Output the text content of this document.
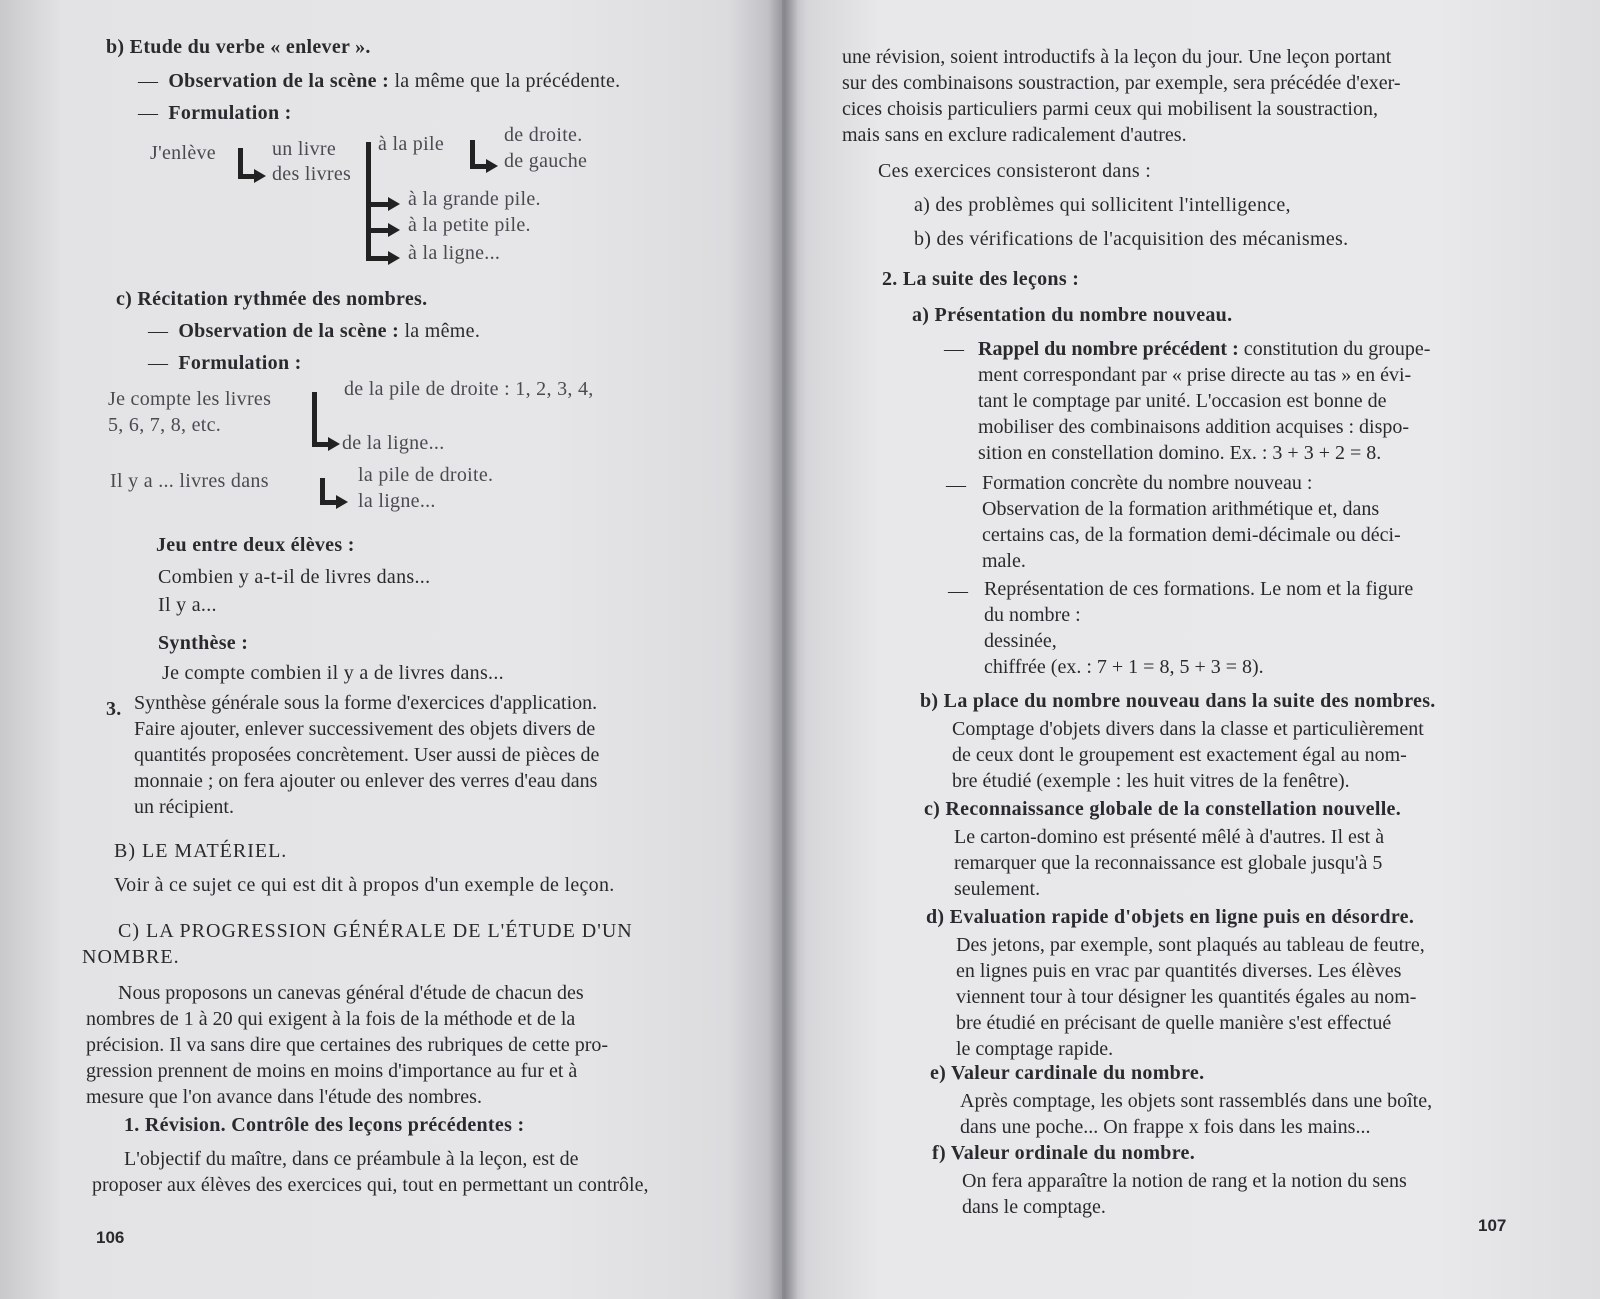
b) Etude du verbe « enlever ».
— Observation de la scène : la même que la précédente.
— Formulation :
J'enlève	un livre
des livres
à la pile	de droite.
de gauche
à la grande pile.
à la petite pile.
à la ligne...
c) Récitation rythmée des nombres.
— Observation de la scène : la même.
— Formulation :
Je compte les livres
5, 6, 7, 8, etc.
de la pile de droite : 1, 2, 3, 4,
de la ligne...
Il y a ... livres dans	la pile de droite.
la ligne...
Jeu entre deux élèves :
Combien y a-t-il de livres dans...
Il y a...
Synthèse :
Je compte combien il y a de livres dans...
3. Synthèse générale sous la forme d'exercices d'application.
Faire ajouter, enlever successivement des objets divers de
quantités proposées concrètement. User aussi de pièces de
monnaie ; on fera ajouter ou enlever des verres d'eau dans
un récipient.
B) LE MATÉRIEL.
Voir à ce sujet ce qui est dit à propos d'un exemple de leçon.
C) LA PROGRESSION GÉNÉRALE DE L'ÉTUDE D'UN
NOMBRE.
Nous proposons un canevas général d'étude de chacun des
nombres de 1 à 20 qui exigent à la fois de la méthode et de la
précision. Il va sans dire que certaines des rubriques de cette pro-
gression prennent de moins en moins d'importance au fur et à
mesure que l'on avance dans l'étude des nombres.
1. Révision. Contrôle des leçons précédentes :
L'objectif du maître, dans ce préambule à la leçon, est de
proposer aux élèves des exercices qui, tout en permettant un contrôle,
106
une révision, soient introductifs à la leçon du jour. Une leçon portant
sur des combinaisons soustraction, par exemple, sera précédée d'exer-
cices choisis particuliers parmi ceux qui mobilisent la soustraction,
mais sans en exclure radicalement d'autres.
Ces exercices consisteront dans :
a) des problèmes qui sollicitent l'intelligence,
b) des vérifications de l'acquisition des mécanismes.
2. La suite des leçons :
a) Présentation du nombre nouveau.
— Rappel du nombre précédent : constitution du groupe-
ment correspondant par « prise directe au tas » en évi-
tant le comptage par unité. L'occasion est bonne de
mobiliser des combinaisons addition acquises : dispo-
sition en constellation domino. Ex. : 3 + 3 + 2 = 8.
— Formation concrète du nombre nouveau :
Observation de la formation arithmétique et, dans
certains cas, de la formation demi-décimale ou déci-
male.
— Représentation de ces formations. Le nom et la figure
du nombre :
dessinée,
chiffrée (ex. : 7 + 1 = 8, 5 + 3 = 8).
b) La place du nombre nouveau dans la suite des nombres.
Comptage d'objets divers dans la classe et particulièrement
de ceux dont le groupement est exactement égal au nom-
bre étudié (exemple : les huit vitres de la fenêtre).
c) Reconnaissance globale de la constellation nouvelle.
Le carton-domino est présenté mêlé à d'autres. Il est à
remarquer que la reconnaissance est globale jusqu'à 5
seulement.
d) Evaluation rapide d'objets en ligne puis en désordre.
Des jetons, par exemple, sont plaqués au tableau de feutre,
en lignes puis en vrac par quantités diverses. Les élèves
viennent tour à tour désigner les quantités égales au nom-
bre étudié en précisant de quelle manière s'est effectué
le comptage rapide.
e) Valeur cardinale du nombre.
Après comptage, les objets sont rassemblés dans une boîte,
dans une poche... On frappe x fois dans les mains...
f) Valeur ordinale du nombre.
On fera apparaître la notion de rang et la notion du sens
dans le comptage.
107
